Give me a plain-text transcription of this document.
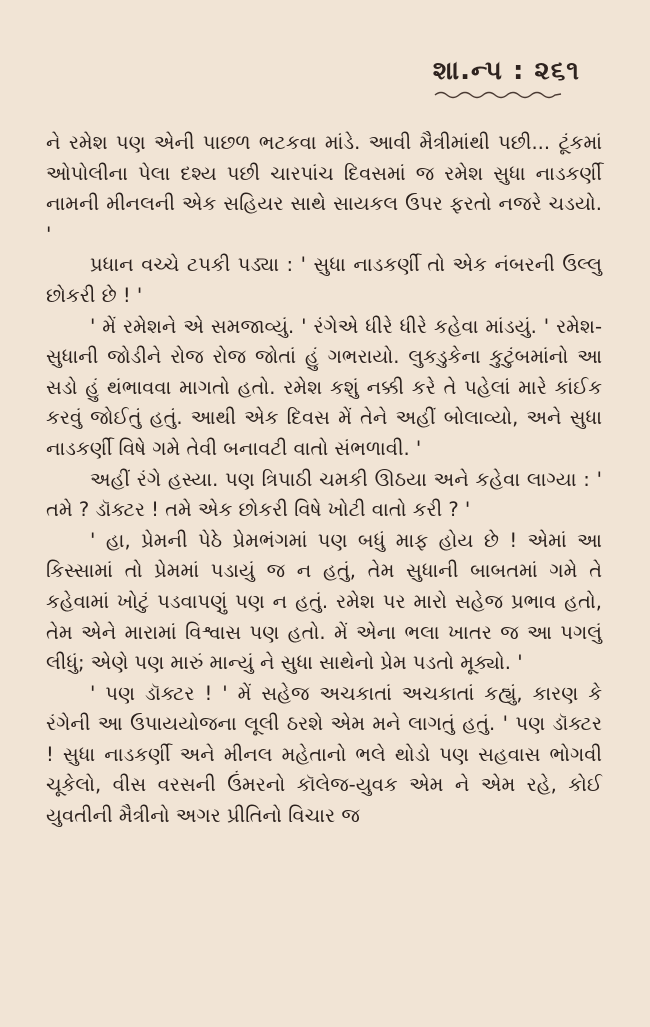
શા.ન્પ : ૨૬૧

ને રમેશ પણ એની પાછળ ભટકવા માંડે. આવી મૈત્રીમાંથી પછી... ટૂંકમાં ઓપોલીના પેલા દશ્ય પછી ચારપાંચ દિવસમાં જ રમેશ સુધા નાડકર્ણી નામની મીનલની એક સહિયર સાથે સાયકલ ઉપર ફરતો નજરે ચડયો. '

પ્રધાન વચ્ચે ટપકી પડ્યા : ' સુધા નાડકર્ણી તો એક નંબરની ઉલ્લુ છોકરી છે ! '

' મેં રમેશને એ સમજાવ્યું. ' રંગેએ ધીરે ધીરે કહેવા માંડયું. ' રમેશ-સુધાની જોડીને રોજ રોજ જોતાં હું ગભરાયો. લુકડુકેના કુટુંબમાંનો આ સડો હું થંભાવવા માગતો હતો. રમેશ કશું નક્કી કરે તે પહેલાં મારે કાંઈક કરવું જોઈતું હતું. આથી એક દિવસ મેં તેને અહીં બોલાવ્યો, અને સુધા નાડકર્ણી વિષે ગમે તેવી બનાવટી વાતો સંભળાવી. '

અહીં રંગે હસ્યા. પણ ત્રિપાઠી ચમકી ઊઠયા અને કહેવા લાગ્યા : ' તમે ? ડૉક્ટર ! તમે એક છોકરી વિષે ખોટી વાતો કરી ? '

' હા, પ્રેમની પેઠે પ્રેમભંગમાં પણ બધું માફ હોય છે ! એમાં આ કિસ્સામાં તો પ્રેમમાં પડાયું જ ન હતું, તેમ સુધાની બાબતમાં ગમે તે કહેવામાં ખોટું પડવાપણું પણ ન હતું. રમેશ પર મારો સહેજ પ્રભાવ હતો, તેમ એને મારામાં વિશ્વાસ પણ હતો. મેં એના ભલા ખાતર જ આ પગલું લીધું; એણે પણ મારું માન્યું ને સુધા સાથેનો પ્રેમ પડતો મૂક્યો. '

' પણ ડૉક્ટર ! ' મેં સહેજ અચકાતાં અચકાતાં કહ્યું, કારણ કે રંગેની આ ઉપાયયોજના લૂલી ઠરશે એમ મને લાગતું હતું. ' પણ ડૉક્ટર ! સુધા નાડકર્ણી અને મીનલ મહેતાનો ભલે થોડો પણ સહવાસ ભોગવી ચૂકેલો, વીસ વરસની ઉંમરનો કૉલેજ-યુવક એમ ને એમ રહે, કોઈ યુવતીની મૈત્રીનો અગર પ્રીતિનો વિચાર જ
